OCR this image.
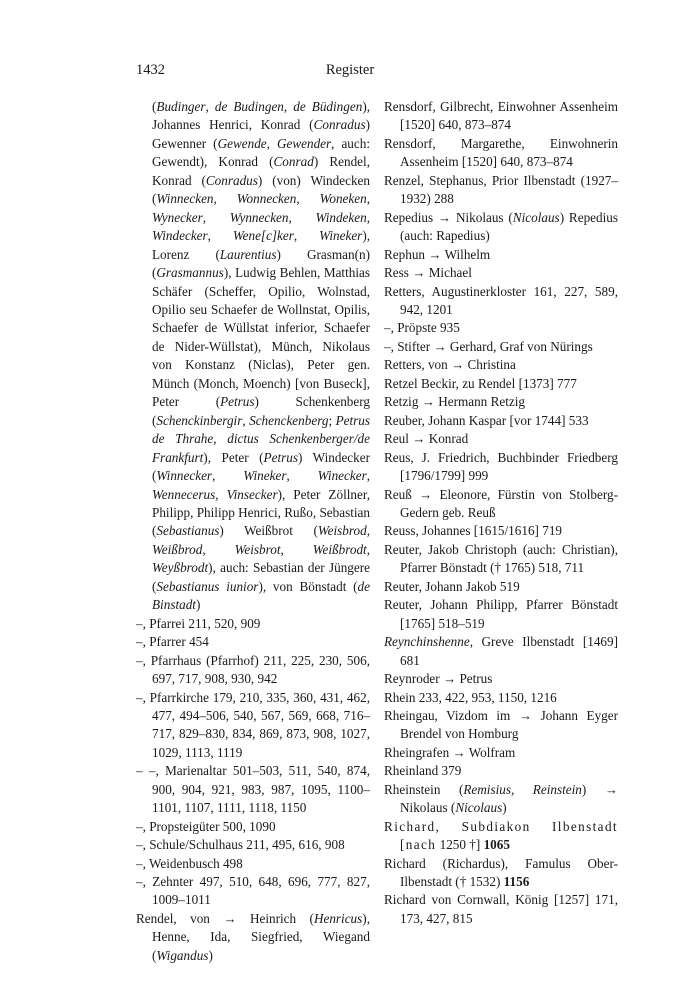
1432	Register

(Budinger, de Budingen, de Büdingen), Johannes Henrici, Konrad (Conradus) Gewenner (Gewende, Gewender, auch: Gewendt), Konrad (Conrad) Rendel, Konrad (Conradus) (von) Windecken (Winnecken, Wonnecken, Woneken, Wynecker, Wynnecken, Windeken, Windecker, Wene[c]ker, Wineker), Lorenz (Laurentius) Grasman(n) (Grasmannus), Ludwig Behlen, Matthias Schäfer (Scheffer, Opilio, Wolnstad, Opilio seu Schaefer de Wollnstat, Opilis, Schaefer de Wüllstat inferior, Schaefer de Nider-Wüllstat), Münch, Nikolaus von Konstanz (Niclas), Peter gen. Münch (Monch, Moench) [von Buseck], Peter (Petrus) Schenkenberg (Schenckinbergir, Schenckenberg; Petrus de Thrahe, dictus Schenkenberger/de Frankfurt), Peter (Petrus) Windecker (Winnecker, Wineker, Winecker, Wennecerus, Vinsecker), Peter Zöllner, Philipp, Philipp Henrici, Rußo, Sebastian (Sebastianus) Weißbrot (Weisbrod, Weißbrod, Weisbrot, Weißbrodt, Weyßbrodt), auch: Sebastian der Jüngere (Sebastianus iunior), von Bönstadt (de Binstadt)

–, Pfarrei 211, 520, 909

–, Pfarrer 454

–, Pfarrhaus (Pfarrhof) 211, 225, 230, 506, 697, 717, 908, 930, 942

–, Pfarrkirche 179, 210, 335, 360, 431, 462, 477, 494–506, 540, 567, 569, 668, 716–717, 829–830, 834, 869, 873, 908, 1027, 1029, 1113, 1119

– –, Marienaltar 501–503, 511, 540, 874, 900, 904, 921, 983, 987, 1095, 1100–1101, 1107, 1111, 1118, 1150

–, Propsteigüter 500, 1090

–, Schule/Schulhaus 211, 495, 616, 908

–, Weidenbusch 498

–, Zehnter 497, 510, 648, 696, 777, 827, 1009–1011

Rendel, von → Heinrich (Henricus), Henne, Ida, Siegfried, Wiegand (Wigandus)

Rensdorf, Gilbrecht, Einwohner Assenheim [1520] 640, 873–874

Rensdorf, Margarethe, Einwohnerin Assenheim [1520] 640, 873–874

Renzel, Stephanus, Prior Ilbenstadt (1927–1932) 288

Repedius → Nikolaus (Nicolaus) Repedius (auch: Rapedius)

Rephun → Wilhelm

Ress → Michael

Retters, Augustinerkloster 161, 227, 589, 942, 1201

–, Pröpste 935

–, Stifter → Gerhard, Graf von Nürings

Retters, von → Christina

Retzel Beckir, zu Rendel [1373] 777

Retzig → Hermann Retzig

Reuber, Johann Kaspar [vor 1744] 533

Reul → Konrad

Reus, J. Friedrich, Buchbinder Friedberg [1796/1799] 999

Reuß → Eleonore, Fürstin von Stolberg-Gedern geb. Reuß

Reuss, Johannes [1615/1616] 719

Reuter, Jakob Christoph (auch: Christian), Pfarrer Bönstadt († 1765) 518, 711

Reuter, Johann Jakob 519

Reuter, Johann Philipp, Pfarrer Bönstadt [1765] 518–519

Reynchinshenne, Greve Ilbenstadt [1469] 681

Reynroder → Petrus

Rhein 233, 422, 953, 1150, 1216

Rheingau, Vizdom im → Johann Eyger Brendel von Homburg

Rheingrafen → Wolfram

Rheinland 379

Rheinstein (Remisius, Reinstein) → Nikolaus (Nicolaus)

Richard, Subdiakon Ilbenstadt [nach 1250 †] 1065

Richard (Richardus), Famulus Ober-Ilbenstadt († 1532) 1156

Richard von Cornwall, König [1257] 171, 173, 427, 815
